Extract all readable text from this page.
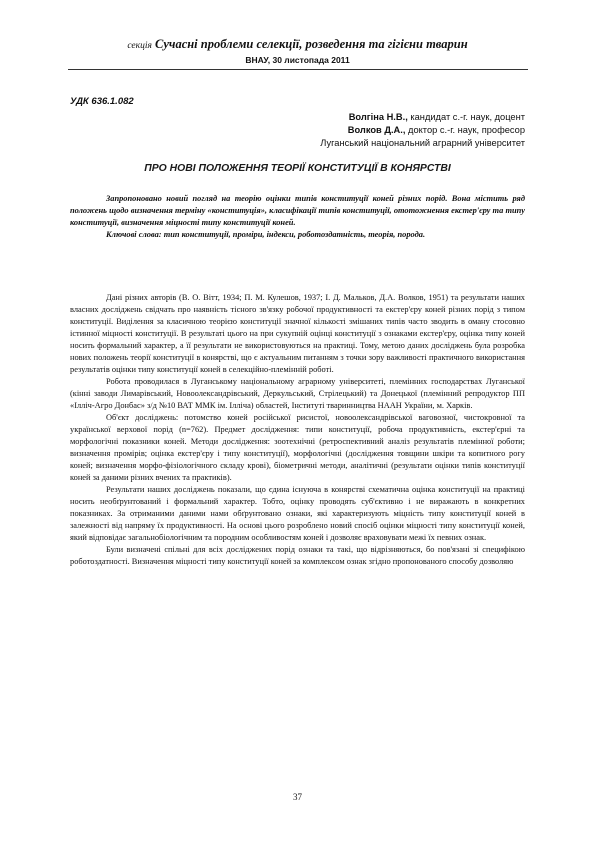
секція Сучасні проблеми селекції, розведення та гігієни тварин
ВНАУ, 30 листопада 2011
УДК 636.1.082
Волгіна Н.В., кандидат с.-г. наук, доцент
Волков Д.А., доктор с.-г. наук, професор
Луганський національний аграрний університет
ПРО НОВІ ПОЛОЖЕННЯ ТЕОРІЇ КОНСТИТУЦІЇ В КОНЯРСТВІ

Запропоновано новий погляд на теорію оцінки типів конституції коней різних порід. Вона містить ряд положень щодо визначення терміну «конституція», класифікації типів конституції, ототожнення екстер'єру та типу конституції, визначення міцності типу конституції коней.

Ключові слова: тип конституції, проміри, індекси, роботоздатність, теорія, порода.

Дані різних авторів (В. О. Вітт, 1934; П. М. Кулешов, 1937; І. Д. Мальков, Д.А. Волков, 1951) та результати наших власних досліджень свідчать про наявність тісного зв'язку робочої продуктивності та екстер'єру коней різних порід з типом конституції. Виділення за класичною теорією конституції значної кількості змішаних типів часто зводить в оману стосовно істинної міцності конституції. В результаті цього на при сукупній оцінці конституції з ознаками екстер'єру, оцінка типу коней носить формальний характер, а її результати не використовуються на практиці. Тому, метою даних досліджень була розробка нових положень теорії конституції в конярстві, що є актуальним питанням з точки зору важливості практичного використання результатів оцінки типу конституції коней в селекційно-племінній роботі.

Робота проводилася в Луганському національному аграрному університеті, племінних господарствах Луганської (кінні заводи Лимарівський, Новоолександрівський, Деркульський, Стрілецький) та Донецької (племінний репродуктор ПП «Ілліч-Агро Донбас» з/д №10 ВАТ ММК ім. Ілліча) областей, Інституті тваринництва НААН України, м. Харків.

Об'єкт досліджень: потомство коней російської рисистої, новоолександрівської ваговозної, чистокровної та української верхової порід (n=762). Предмет дослідження: типи конституції, робоча продуктивність, екстер'єрні та морфологічні показники коней. Методи дослідження: зоотехнічні (ретроспективний аналіз результатів племінної роботи; визначення промірів; оцінка екстер'єру і типу конституції), морфологічні (дослідження товщини шкіри та копитного рогу коней; визначення морфо-фізіологічного складу крові), біометричні методи, аналітичні (результати оцінки типів конституції коней за даними різних вчених та практиків).

Результати наших досліджень показали, що єдина існуюча в конярстві схематична оцінка конституції на практиці носить необґрунтований і формальний характер. Тобто, оцінку проводять суб'єктивно і не виражають в конкретних показниках. За отриманими даними нами обґрунтовано ознаки, які характеризують міцність типу конституції коней в залежності від напряму їх продуктивності. На основі цього розроблено новий спосіб оцінки міцності типу конституції коней, який відповідає загальнобіологічним та породним особливостям коней і дозволяє враховувати межі їх певних ознак.

Були визначені спільні для всіх досліджених порід ознаки та такі, що відрізняються, бо пов'язані зі специфікою роботоздатності. Визначення міцності типу конституції коней за комплексом ознак згідно пропонованого способу дозволяю

37
